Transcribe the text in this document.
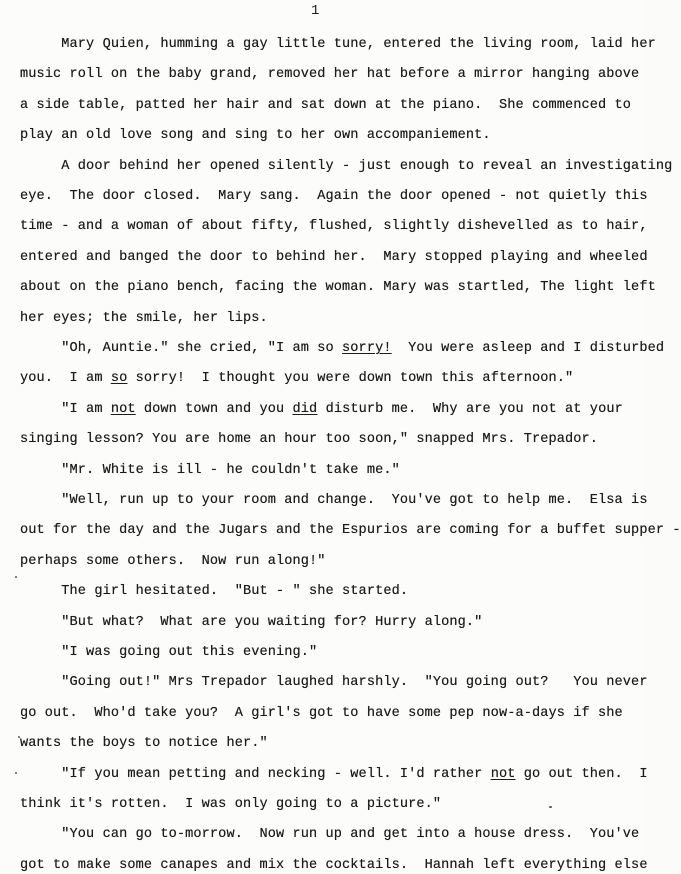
1
Mary Quien, humming a gay little tune, entered the living room, laid her
music roll on the baby grand, removed her hat before a mirror hanging above
a side table, patted her hair and sat down at the piano.  She commenced to
play an old love song and sing to her own accompaniement.
A door behind her opened silently - just enough to reveal an investigating
eye.  The door closed.  Mary sang.  Again the door opened - not quietly this
time - and a woman of about fifty, flushed, slightly dishevelled as to hair,
entered and banged the door to behind her.  Mary stopped playing and wheeled
about on the piano bench, facing the woman. Mary was startled, The light left
her eyes; the smile, her lips.
"Oh, Auntie." she cried, "I am so sorry!  You were asleep and I disturbed
you.  I am so sorry!  I thought you were down town this afternoon."
"I am not down town and you did disturb me.  Why are you not at your
singing lesson? You are home an hour too soon," snapped Mrs. Trepador.
"Mr. White is ill - he couldn't take me."
"Well, run up to your room and change.  You've got to help me.  Elsa is
out for the day and the Jugars and the Espurios are coming for a buffet supper -
perhaps some others.  Now run along!"
The girl hesitated.  "But - " she started.
"But what?  What are you waiting for? Hurry along."
"I was going out this evening."
"Going out!" Mrs Trepador laughed harshly.  "You going out?   You never
go out.  Who'd take you?  A girl's got to have some pep now-a-days if she
wants the boys to notice her."
"If you mean petting and necking - well. I'd rather not go out then.  I
think it's rotten.  I was only going to a picture."
"You can go to-morrow.  Now run up and get into a house dress.  You've
got to make some canapes and mix the cocktails.  Hannah left everything else
